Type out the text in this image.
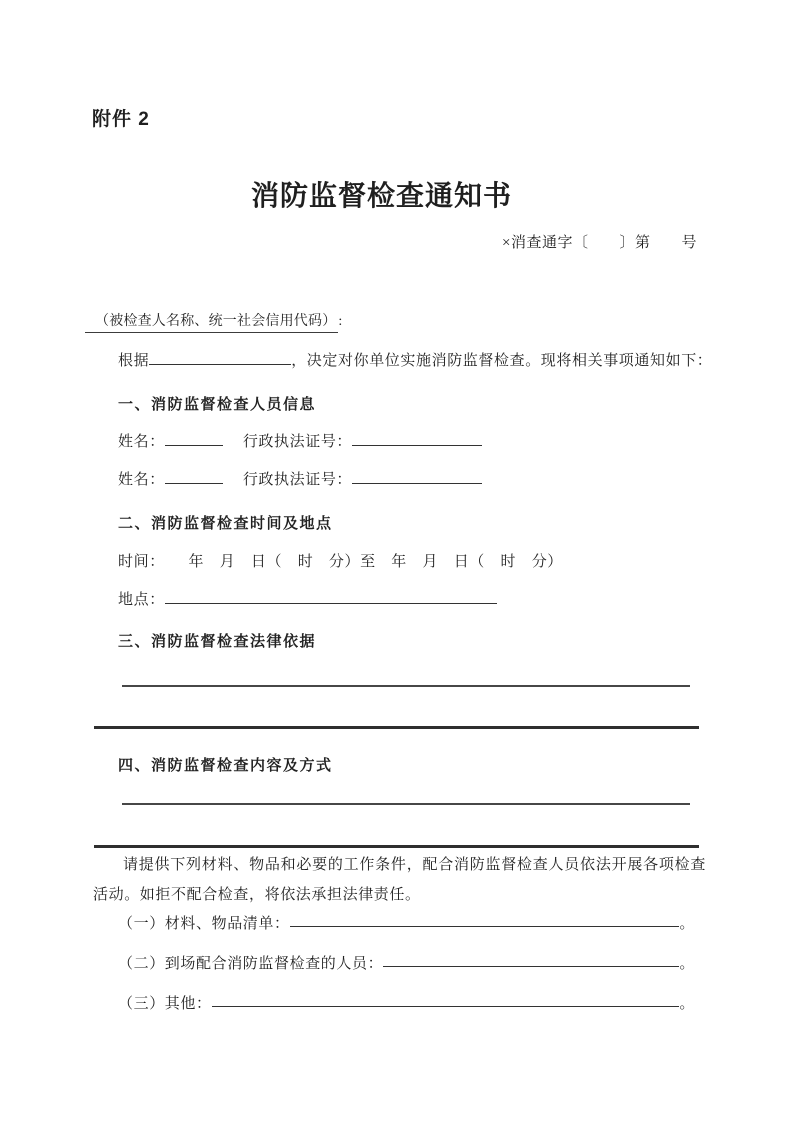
附件 2
消防监督检查通知书
×消查通字〔　　〕第　　号
（被检查人名称、统一社会信用代码） :
根据	，决定对你单位实施消防监督检查。现将相关事项通知如下：
一、消防监督检查人员信息
姓名：	行政执法证号：
姓名：	行政执法证号：
二、消防监督检查时间及地点
时间：　　年　月　日（　时　分）至　年　月　日（　时　分）
地点：
三、消防监督检查法律依据
四、消防监督检查内容及方式
请提供下列材料、物品和必要的工作条件，配合消防监督检查人员依法开展各项检查活动。如拒不配合检查，将依法承担法律责任。
（一）材料、物品清单：	。
（二）到场配合消防监督检查的人员：	。
（三）其他：	。
